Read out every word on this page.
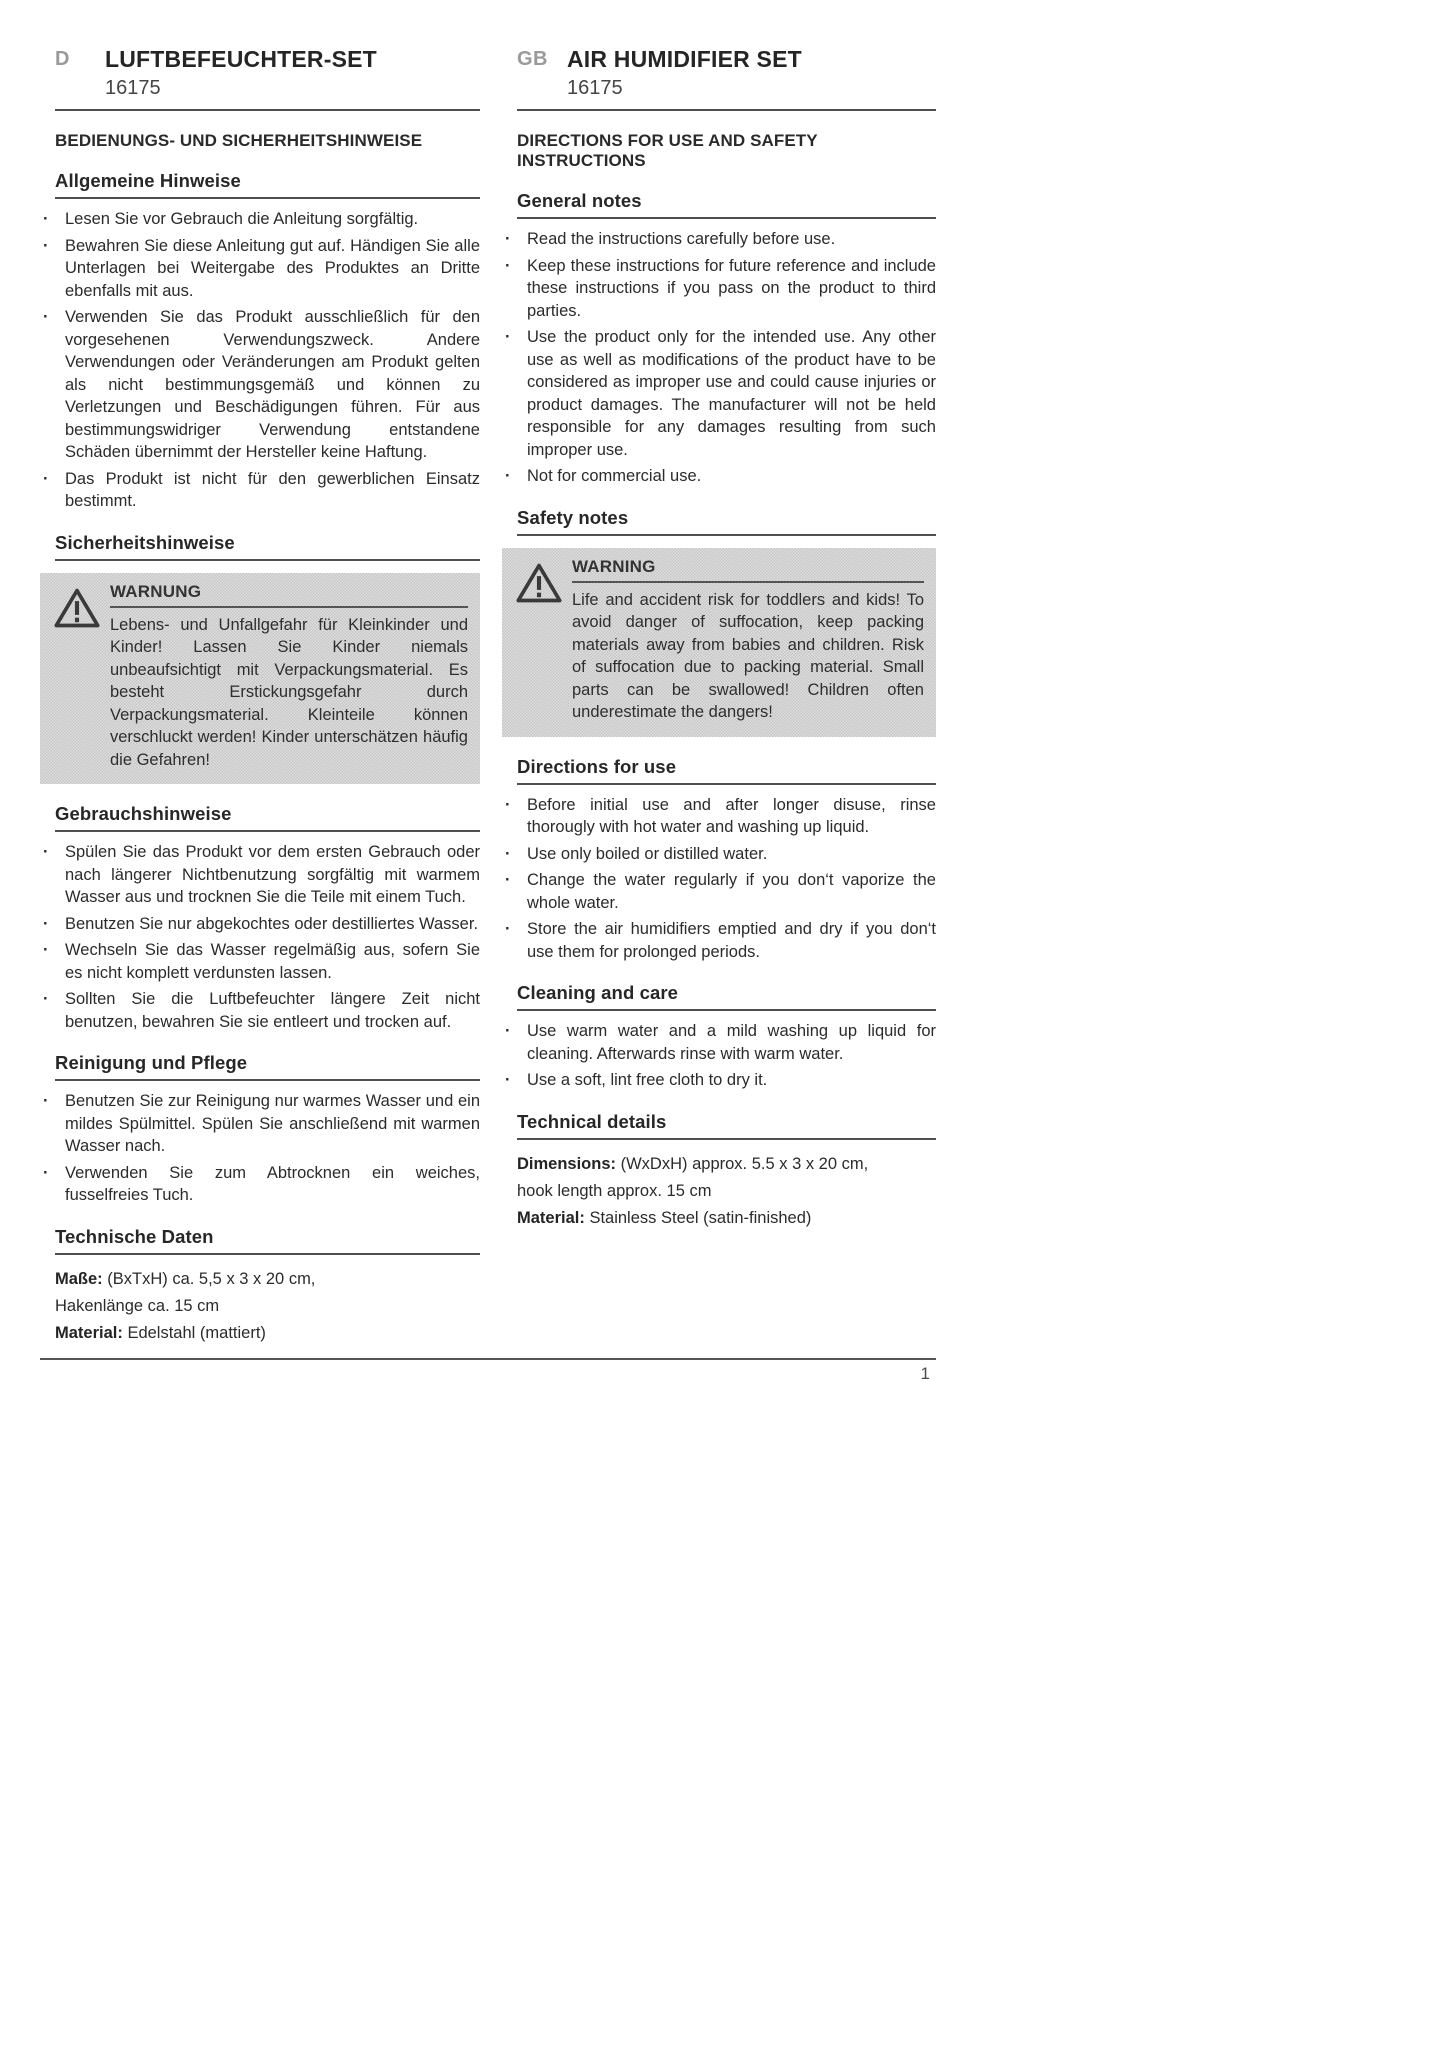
D	LUFTBEFEUCHTER-SET
16175
BEDIENUNGS- UND SICHERHEITSHINWEISE
Allgemeine Hinweise
·

Lesen Sie vor Gebrauch die Anleitung sorgfältig.

·

Bewahren Sie diese Anleitung gut auf. Händigen Sie alle Unterlagen bei Weitergabe des Produktes an Dritte ebenfalls mit aus.

·

Verwenden Sie das Produkt ausschließlich für den vorgesehenen Verwendungszweck. Andere Verwendungen oder Veränderungen am Produkt gelten als nicht bestimmungsgemäß und können zu Verletzungen und Beschädigungen führen. Für aus bestimmungswidriger Verwendung entstandene Schäden übernimmt der Hersteller keine Haftung.

·

Das Produkt ist nicht für den gewerblichen Einsatz bestimmt.

Sicherheitshinweise
WARNUNG

Lebens- und Unfallgefahr für Kleinkinder und Kinder! Lassen Sie Kinder niemals unbeaufsichtigt mit Verpackungsmaterial. Es besteht Erstickungsgefahr durch Verpackungsmaterial. Kleinteile können verschluckt werden! Kinder unterschätzen häufig die Gefahren!

Gebrauchshinweise
·

Spülen Sie das Produkt vor dem ersten Gebrauch oder nach längerer Nichtbenutzung sorgfältig mit warmem Wasser aus und trocknen Sie die Teile mit einem Tuch.

·

Benutzen Sie nur abgekochtes oder destilliertes Wasser.

·

Wechseln Sie das Wasser regelmäßig aus, sofern Sie es nicht komplett verdunsten lassen.

·

Sollten Sie die Luftbefeuchter längere Zeit nicht benutzen, bewahren Sie sie entleert und trocken auf.

Reinigung und Pflege
·

Benutzen Sie zur Reinigung nur warmes Wasser und ein mildes Spülmittel. Spülen Sie anschließend mit warmen Wasser nach.

·

Verwenden Sie zum Abtrocknen ein weiches, fusselfreies Tuch.

Technische Daten
Maße: (BxTxH) ca. 5,5 x 3 x 20 cm,
Hakenlänge ca. 15 cm
Material: Edelstahl (mattiert)
GB AIR HUMIDIFIER SET
16175
DIRECTIONS FOR USE AND SAFETY INSTRUCTIONS
General notes
·

Read the instructions carefully before use.

·

Keep these instructions for future reference and include these instructions if you pass on the product to third parties.

·

Use the product only for the intended use. Any other use as well as modifications of the product have to be considered as improper use and could cause injuries or product damages. The manufacturer will not be held responsible for any damages resulting from such improper use.

·

Not for commercial use.

Safety notes
WARNING

Life and accident risk for toddlers and kids! To avoid danger of suffocation, keep packing materials away from babies and children. Risk of suffocation due to packing material. Small parts can be swallowed! Children often underestimate the dangers!

Directions for use
·

Before initial use and after longer disuse, rinse thorougly with hot water and washing up liquid.

·

Use only boiled or distilled water.

·

Change the water regularly if you don‘t vaporize the whole water.

·

Store the air humidifiers emptied and dry if you don‘t use them for prolonged periods.

Cleaning and care
·

Use warm water and a mild washing up liquid for cleaning. Afterwards rinse with warm water.

·

Use a soft, lint free cloth to dry it.

Technical details
Dimensions: (WxDxH) approx. 5.5 x 3 x 20 cm,
hook length approx. 15 cm
Material: Stainless Steel (satin-finished)
1
